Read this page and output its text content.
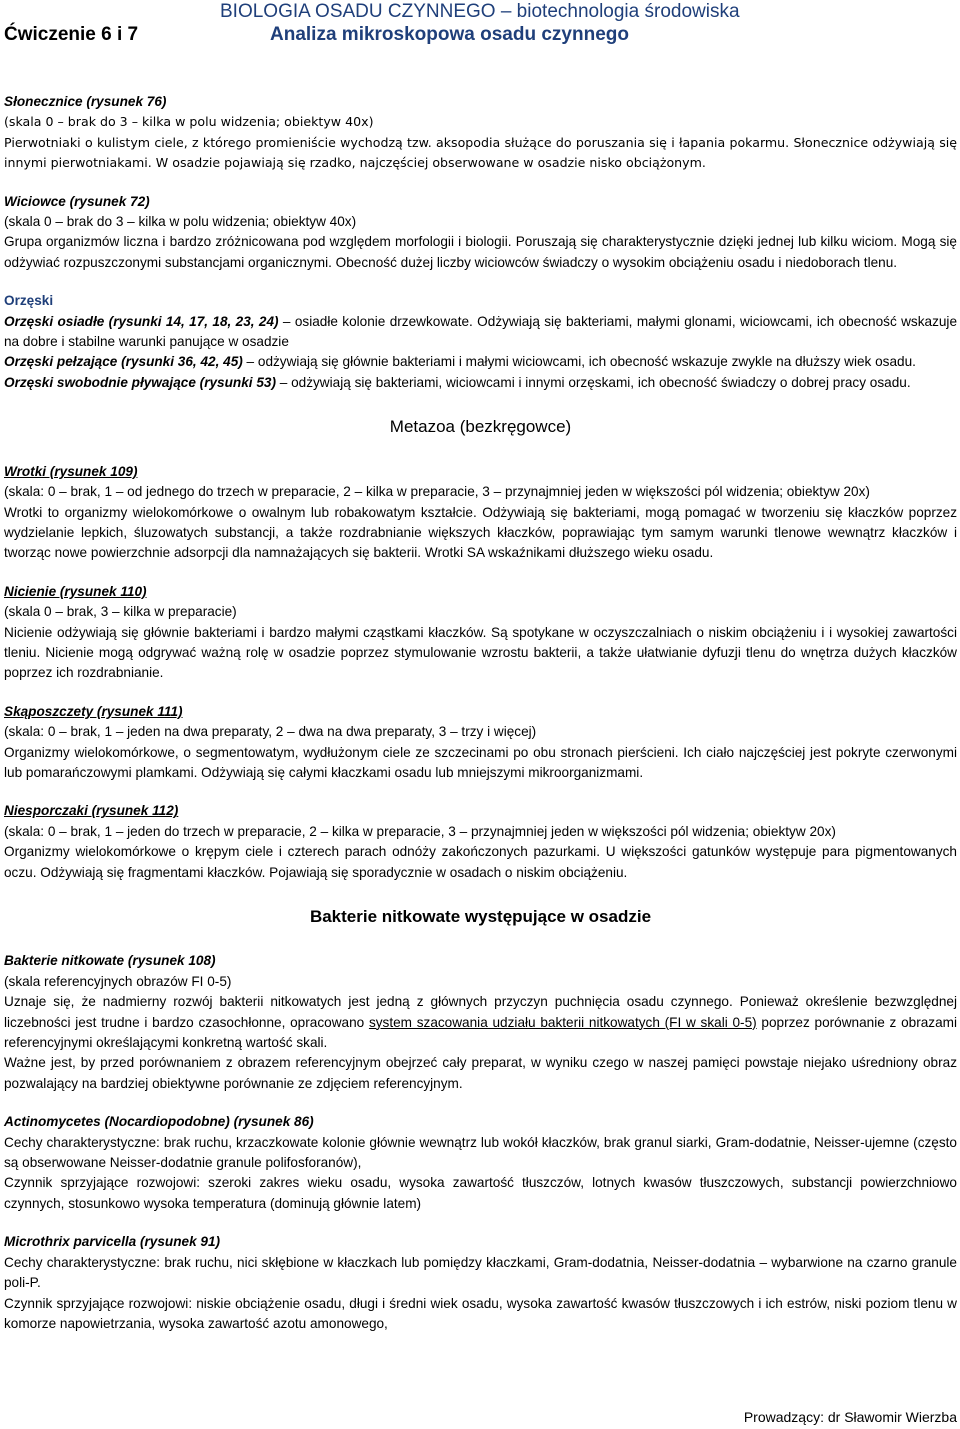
Ćwiczenie 6 i 7
BIOLOGIA OSADU CZYNNEGO – biotechnologia środowiska
Analiza mikroskopowa osadu czynnego

Słonecznice (rysunek 76)

(skala 0 – brak do 3 – kilka w polu widzenia; obiektyw 40x)

Pierwotniaki o kulistym ciele, z którego promieniście wychodzą tzw. aksopodia służące do poruszania się i łapania pokarmu. Słonecznice odżywiają się innymi pierwotniakami. W osadzie pojawiają się rzadko, najczęściej obserwowane w osadzie nisko obciążonym.

Wiciowce (rysunek 72)

(skala 0 – brak do 3 – kilka w polu widzenia; obiektyw 40x)

Grupa organizmów liczna i bardzo zróżnicowana pod względem morfologii i biologii. Poruszają się charakterystycznie dzięki jednej lub kilku wiciom. Mogą się odżywiać rozpuszczonymi substancjami organicznymi. Obecność dużej liczby wiciowców świadczy o wysokim obciążeniu osadu i niedoborach tlenu.

Orzęski

Orzęski osiadłe (rysunki 14, 17, 18, 23, 24) – osiadłe kolonie drzewkowate. Odżywiają się bakteriami, małymi glonami, wiciowcami, ich obecność wskazuje na dobre i stabilne warunki panujące w osadzie

Orzęski pełzające (rysunki 36, 42, 45) – odżywiają się głównie bakteriami i małymi wiciowcami, ich obecność wskazuje zwykle na dłuższy wiek osadu.

Orzęski swobodnie pływające (rysunki 53) – odżywiają się bakteriami, wiciowcami i innymi orzęskami, ich obecność świadczy o dobrej pracy osadu.

Metazoa (bezkręgowce)

Wrotki (rysunek 109)

(skala: 0 – brak, 1 – od jednego do trzech w preparacie, 2 – kilka w preparacie, 3 – przynajmniej jeden w większości pól widzenia; obiektyw 20x)

Wrotki to organizmy wielokomórkowe o owalnym lub robakowatym kształcie. Odżywiają się bakteriami, mogą pomagać w tworzeniu się kłaczków poprzez wydzielanie lepkich, śluzowatych substancji, a także rozdrabnianie większych kłaczków, poprawiając tym samym warunki tlenowe wewnątrz kłaczków i tworząc nowe powierzchnie adsorpcji dla namnażających się bakterii. Wrotki SA wskaźnikami dłuższego wieku osadu.

Nicienie (rysunek 110)

(skala 0 – brak, 3 – kilka w preparacie)

Nicienie odżywiają się głównie bakteriami i bardzo małymi cząstkami kłaczków. Są spotykane w oczyszczalniach o niskim obciążeniu i i wysokiej zawartości tleniu. Nicienie mogą odgrywać ważną rolę w osadzie poprzez stymulowanie wzrostu bakterii, a także ułatwianie dyfuzji tlenu do wnętrza dużych kłaczków poprzez ich rozdrabnianie.

Skąposzczety (rysunek 111)

(skala: 0 – brak, 1 – jeden na dwa preparaty, 2 – dwa na dwa preparaty, 3 – trzy i więcej)

Organizmy wielokomórkowe, o segmentowatym, wydłużonym ciele ze szczecinami po obu stronach pierścieni. Ich ciało najczęściej jest pokryte czerwonymi lub pomarańczowymi plamkami. Odżywiają się całymi kłaczkami osadu lub mniejszymi mikroorganizmami.

Niesporczaki (rysunek 112)

(skala: 0 – brak, 1 – jeden do trzech w preparacie, 2 – kilka w preparacie, 3 – przynajmniej jeden w większości pól widzenia; obiektyw 20x)

Organizmy wielokomórkowe o krępym ciele i czterech parach odnóży zakończonych pazurkami. U większości gatunków występuje para pigmentowanych oczu. Odżywiają się fragmentami kłaczków. Pojawiają się sporadycznie w osadach o niskim obciążeniu.

Bakterie nitkowate występujące w osadzie

Bakterie nitkowate (rysunek 108)

(skala referencyjnych obrazów FI 0-5)

Uznaje się, że nadmierny rozwój bakterii nitkowatych jest jedną z głównych przyczyn puchnięcia osadu czynnego. Ponieważ określenie bezwzględnej liczebności jest trudne i bardzo czasochłonne, opracowano system szacowania udziału bakterii nitkowatych (FI w skali 0-5) poprzez porównanie z obrazami referencyjnymi określającymi konkretną wartość skali.

Ważne jest, by przed porównaniem z obrazem referencyjnym obejrzeć cały preparat, w wyniku czego w naszej pamięci powstaje niejako uśredniony obraz pozwalający na bardziej obiektywne porównanie ze zdjęciem referencyjnym.

Actinomycetes (Nocardiopodobne) (rysunek 86)

Cechy charakterystyczne: brak ruchu, krzaczkowate kolonie głównie wewnątrz lub wokół kłaczków, brak granul siarki, Gram-dodatnie, Neisser-ujemne (często są obserwowane Neisser-dodatnie granule polifosforanów),

Czynnik sprzyjające rozwojowi: szeroki zakres wieku osadu, wysoka zawartość tłuszczów, lotnych kwasów tłuszczowych, substancji powierzchniowo czynnych, stosunkowo wysoka temperatura (dominują głównie latem)

Microthrix parvicella (rysunek 91)

Cechy charakterystyczne: brak ruchu, nici skłębione w kłaczkach lub pomiędzy kłaczkami, Gram-dodatnia, Neisser-dodatnia – wybarwione na czarno granule poli-P.

Czynnik sprzyjające rozwojowi: niskie obciążenie osadu, długi i średni wiek osadu, wysoka zawartość kwasów tłuszczowych i ich estrów, niski poziom tlenu w komorze napowietrzania, wysoka zawartość azotu amonowego,

Prowadzący: dr Sławomir Wierzba
